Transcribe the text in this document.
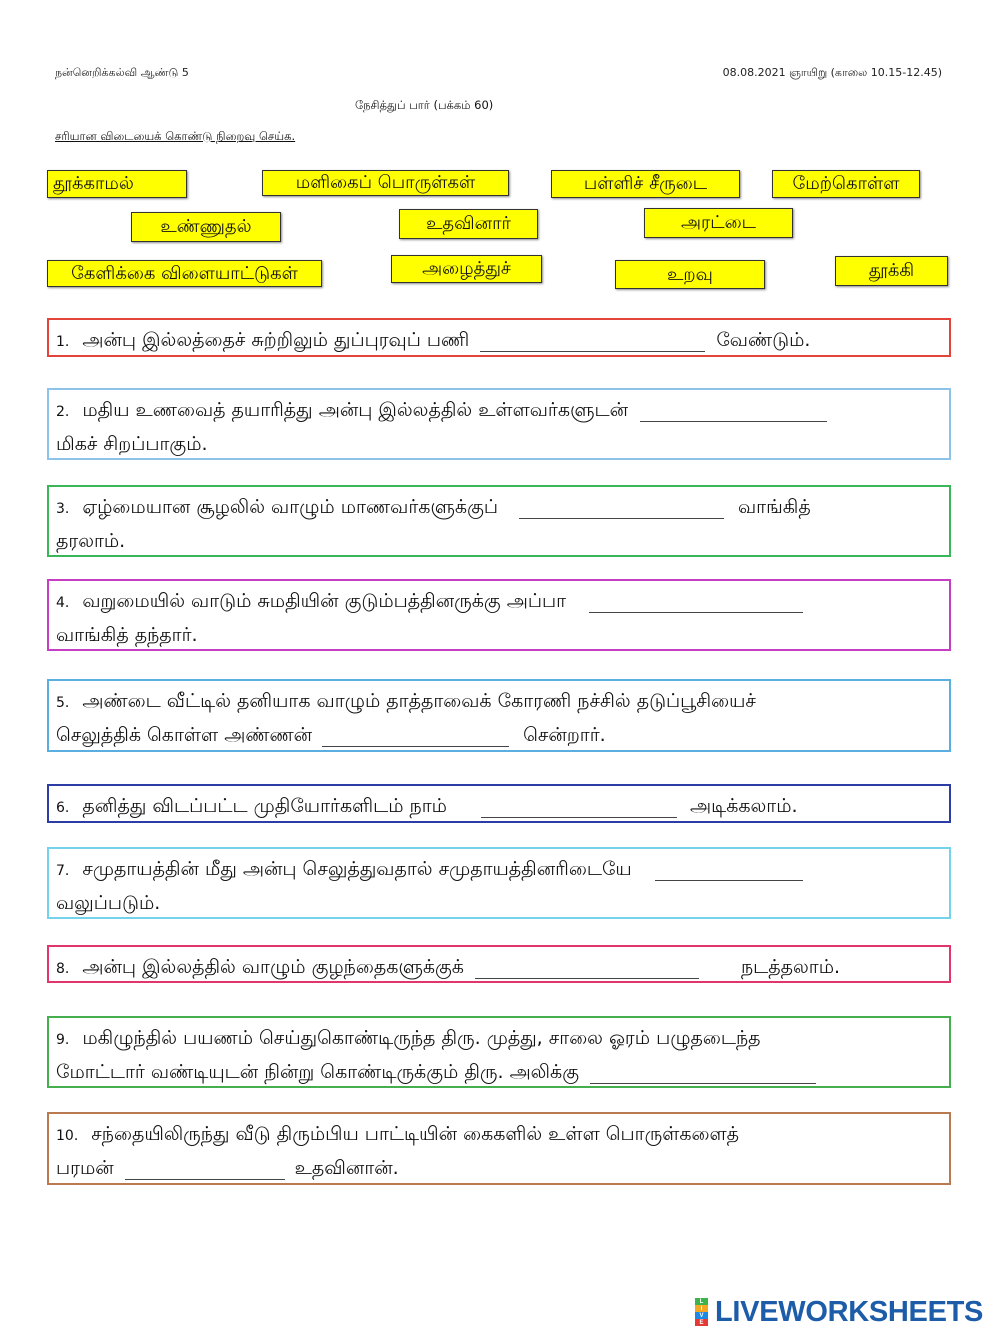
நன்னெறிக்கல்வி ஆண்டு 5	08.08.2021 ஞாயிறு (காலை 10.15-12.45)
நேசித்துப் பார் (பக்கம் 60)
சரியான விடையைக் கொண்டு நிறைவு செய்க.
தூக்காமல்	மளிகைப் பொருள்கள்	பள்ளிச் சீருடை	மேற்கொள்ள
உண்ணுதல்	உதவினார்	அரட்டை
கேளிக்கை விளையாட்டுகள்	அழைத்துச்	உறவு	தூக்கி
1. அன்பு இல்லத்தைச் சுற்றிலும் துப்புரவுப் பணி	வேண்டும்.
2. மதிய உணவைத் தயாரித்து அன்பு இல்லத்தில் உள்ளவர்களுடன்
மிகச் சிறப்பாகும்.
3. ஏழ்மையான சூழலில் வாழும் மாணவர்களுக்குப்	வாங்கித்
தரலாம்.
4. வறுமையில் வாடும் சுமதியின் குடும்பத்தினருக்கு அப்பா
வாங்கித் தந்தார்.
5. அண்டை வீட்டில் தனியாக வாழும் தாத்தாவைக் கோரணி நச்சில் தடுப்பூசியைச்
செலுத்திக் கொள்ள அண்ணன்	சென்றார்.
6. தனித்து விடப்பட்ட முதியோர்களிடம் நாம்	அடிக்கலாம்.
7. சமுதாயத்தின் மீது அன்பு செலுத்துவதால் சமுதாயத்தினரிடையே
வலுப்படும்.
8. அன்பு இல்லத்தில் வாழும் குழந்தைகளுக்குக்	நடத்தலாம்.
9. மகிழுந்தில் பயணம் செய்துகொண்டிருந்த திரு. முத்து, சாலை ஓரம் பழுதடைந்த
மோட்டார் வண்டியுடன் நின்று கொண்டிருக்கும் திரு. அலிக்கு
10. சந்தையிலிருந்து வீடு திரும்பிய பாட்டியின் கைகளில் உள்ள பொருள்களைத்
பரமன்	உதவினான்.
L
I
V
E LIVEWORKSHEETS
